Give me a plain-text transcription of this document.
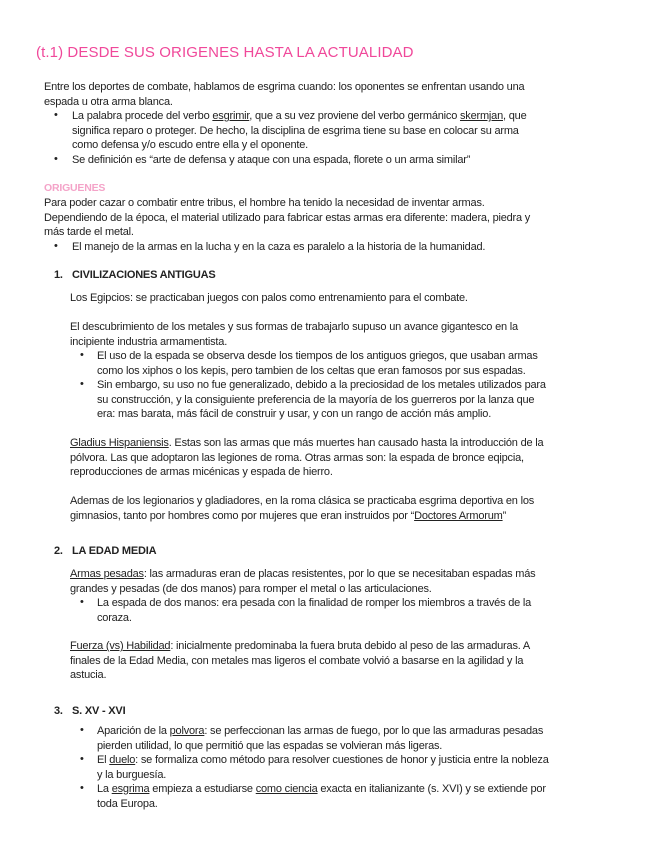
(t.1) DESDE SUS ORIGENES HASTA LA ACTUALIDAD
Entre los deportes de combate, hablamos de esgrima cuando: los oponentes se enfrentan usando una
espada u otra arma blanca.
• La palabra procede del verbo esgrimir, que a su vez proviene del verbo germánico skermjan, que
significa reparo o proteger. De hecho, la disciplina de esgrima tiene su base en colocar su arma
como defensa y/o escudo entre ella y el oponente.
• Se definición es “arte de defensa y ataque con una espada, florete o un arma similar”
ORIGUENES
Para poder cazar o combatir entre tribus, el hombre ha tenido la necesidad de inventar armas.
Dependiendo de la época, el material utilizado para fabricar estas armas era diferente: madera, piedra y
más tarde el metal.
• El manejo de la armas en la lucha y en la caza es paralelo a la historia de la humanidad.
1. CIVILIZACIONES ANTIGUAS
Los Egipcios: se practicaban juegos con palos como entrenamiento para el combate.
El descubrimiento de los metales y sus formas de trabajarlo supuso un avance gigantesco en la
incipiente industria armamentista.
• El uso de la espada se observa desde los tiempos de los antiguos griegos, que usaban armas
como los xiphos o los kepis, pero tambien de los celtas que eran famosos por sus espadas.
• Sin embargo, su uso no fue generalizado, debido a la preciosidad de los metales utilizados para
su construcción, y la consiguiente preferencia de la mayoría de los guerreros por la lanza que
era: mas barata, más fácil de construir y usar, y con un rango de acción más amplio.
Gladius Hispaniensis. Estas son las armas que más muertes han causado hasta la introducción de la
pólvora. Las que adoptaron las legiones de roma. Otras armas son: la espada de bronce eqipcia,
reproducciones de armas micénicas y espada de hierro.
Ademas de los legionarios y gladiadores, en la roma clásica se practicaba esgrima deportiva en los
gimnasios, tanto por hombres como por mujeres que eran instruidos por “Doctores Armorum”
2. LA EDAD MEDIA
Armas pesadas: las armaduras eran de placas resistentes, por lo que se necesitaban espadas más
grandes y pesadas (de dos manos) para romper el metal o las articulaciones.
• La espada de dos manos: era pesada con la finalidad de romper los miembros a través de la
coraza.
Fuerza (vs) Habilidad: inicialmente predominaba la fuera bruta debido al peso de las armaduras. A
finales de la Edad Media, con metales mas ligeros el combate volvió a basarse en la agilidad y la
astucia.
3. S. XV - XVI
• Aparición de la polvora: se perfeccionan las armas de fuego, por lo que las armaduras pesadas
pierden utilidad, lo que permitió que las espadas se volvieran más ligeras.
• El duelo: se formaliza como método para resolver cuestiones de honor y justicia entre la nobleza
y la burguesía.
• La esgrima empieza a estudiarse como ciencia exacta en italianizante (s. XVI) y se extiende por
toda Europa.
